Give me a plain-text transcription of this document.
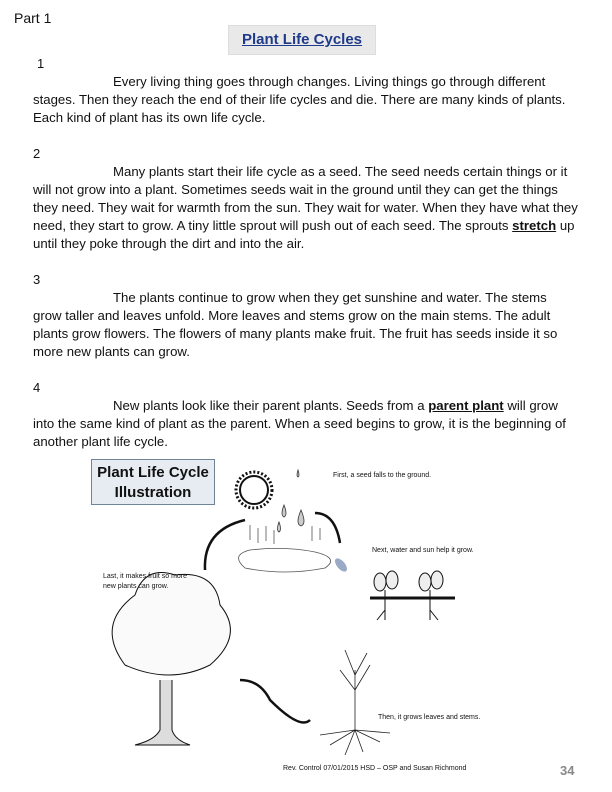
Part 1
Plant Life Cycles
1
Every living thing goes through changes. Living things go through different stages. Then they reach the end of their life cycles and die. There are many kinds of plants. Each kind of plant has its own life cycle.
2
Many plants start their life cycle as a seed. The seed needs certain things or it will not grow into a plant. Sometimes seeds wait in the ground until they can get the things they need. They wait for warmth from the sun. They wait for water. When they have what they need, they start to grow. A tiny little sprout will push out of each seed. The sprouts stretch up until they poke through the dirt and into the air.
3
The plants continue to grow when they get sunshine and water. The stems grow taller and leaves unfold. More leaves and stems grow on the main stems. The adult plants grow flowers. The flowers of many plants make fruit. The fruit has seeds inside it so more new plants can grow.
4
New plants look like their parent plants. Seeds from a parent plant will grow into the same kind of plant as the parent. When a seed begins to grow, it is the beginning of another plant life cycle.
Plant Life Cycle
Illustration
First, a seed falls to the ground.
Next, water and sun help it grow.
Then, it grows leaves and stems.
Last, it makes fruit so more new plants can grow.
Rev. Control 07/01/2015 HSD – OSP and Susan Richmond	34
